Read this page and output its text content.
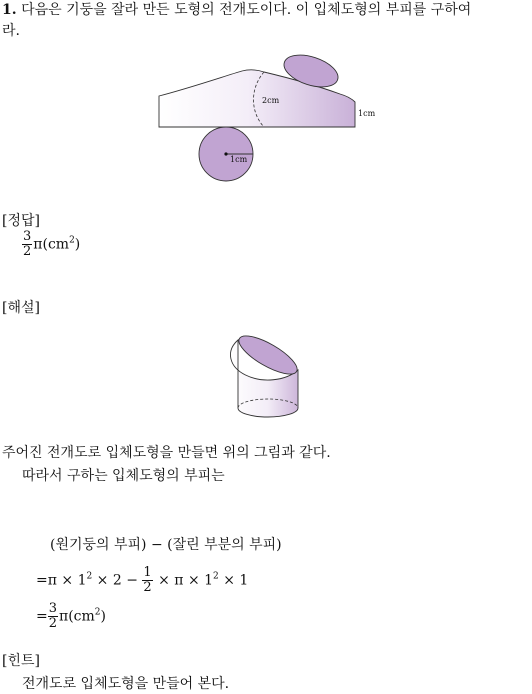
1. 다음은 기둥을 잘라 만든 도형의 전개도이다. 이 입체도형의 부피를 구하여
라.
2cm
1cm
1cm
[정답]
$\frac{3}{2} \pi(cm^2)$
[해설]
주어진 전개도로 입체도형을 만들면 위의 그림과 같다.
따라서 구하는 입체도형의 부피는
(원기둥의 부피) − (잘린 부분의 부피)
$=\pi \times 1^2 \times 2 - \frac{1}{2} \times \pi \times 1^2 \times 1$
= $\frac{3}{2} \pi(cm^2)$
[힌트]
전개도로 입체도형을 만들어 본다.
